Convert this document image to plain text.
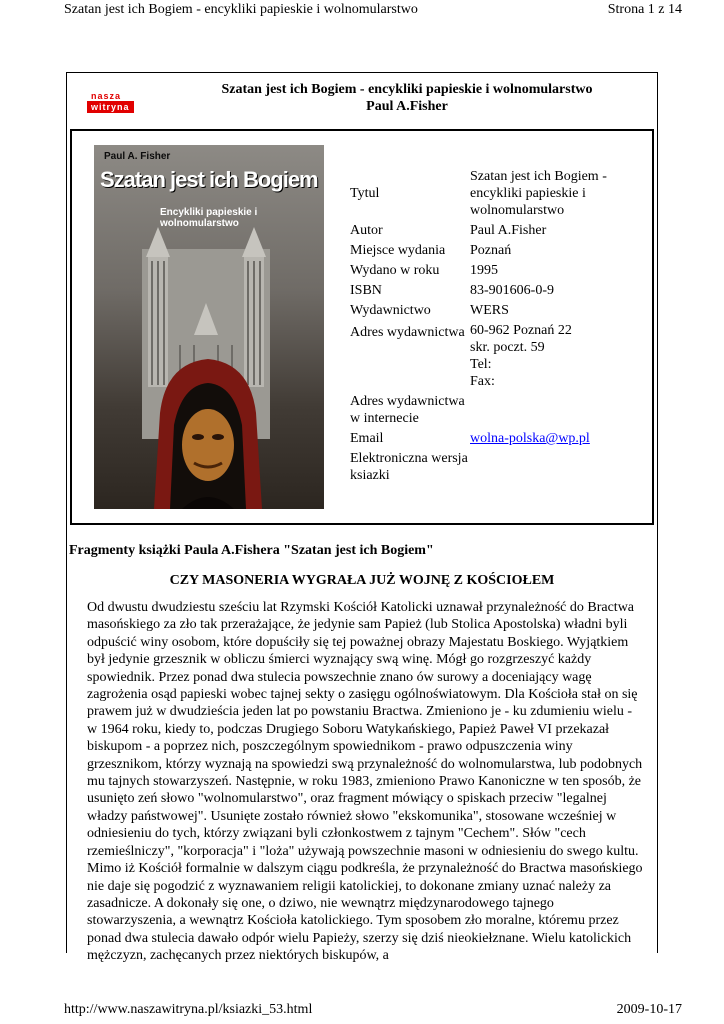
Szatan jest ich Bogiem - encykliki papieskie i wolnomularstwo	Strona 1 z 14
nasza
witryna
Szatan jest ich Bogiem - encykliki papieskie i wolnomularstwo
Paul A.Fisher
Paul A. Fisher
Szatan jest ich Bogiem
Encykliki papieskie i wolnomularstwo
Tytul	Szatan jest ich Bogiem - encykliki papieskie i wolnomularstwo
Autor	Paul A.Fisher
Miejsce wydania	Poznań
Wydano w roku	1995
ISBN	83-901606-0-9
Wydawnictwo	WERS
Adres wydawnictwa	60-962 Poznań 22
skr. poczt. 59
Tel:
Fax:

Adres wydawnictwa w internecie	
Email	wolna-polska@wp.pl
Elektroniczna wersja ksiazki	
Fragmenty książki Paula A.Fishera "Szatan jest ich Bogiem"
CZY MASONERIA WYGRAŁA JUŻ WOJNĘ Z KOŚCIOŁEM
Od dwustu dwudziestu sześciu lat Rzymski Kościół Katolicki uznawał przynależność do Bractwa masońskiego za zło tak przerażające, że jedynie sam Papież (lub Stolica Apostolska) władni byli odpuścić winy osobom, które dopuściły się tej poważnej obrazy Majestatu Boskiego. Wyjątkiem był jedynie grzesznik w obliczu śmierci wyznający swą winę. Mógł go rozgrzeszyć każdy spowiednik. Przez ponad dwa stulecia powszechnie znano ów surowy a doceniający wagę zagrożenia osąd papieski wobec tajnej sekty o zasięgu ogólnoświatowym. Dla Kościoła stał on się prawem już w dwudzieścia jeden lat po powstaniu Bractwa. Zmieniono je - ku zdumieniu wielu - w 1964 roku, kiedy to, podczas Drugiego Soboru Watykańskiego, Papież Paweł VI przekazał biskupom - a poprzez nich, poszczególnym spowiednikom - prawo odpuszczenia winy grzesznikom, którzy wyznają na spowiedzi swą przynależność do wolnomularstwa, lub podobnych mu tajnych stowarzyszeń. Następnie, w roku 1983, zmieniono Prawo Kanoniczne w ten sposób, że usunięto zeń słowo "wolnomularstwo", oraz fragment mówiący o spiskach przeciw "legalnej władzy państwowej". Usunięte zostało również słowo "ekskomunika", stosowane wcześniej w odniesieniu do tych, którzy związani byli członkostwem z tajnym "Cechem". Słów "cech rzemieślniczy", "korporacja" i "loża" używają powszechnie masoni w odniesieniu do swego kultu. Mimo iż Kościół formalnie w dalszym ciągu podkreśla, że przynależność do Bractwa masońskiego nie daje się pogodzić z wyznawaniem religii katolickiej, to dokonane zmiany uznać należy za zasadnicze. A dokonały się one, o dziwo, nie wewnątrz międzynarodowego tajnego stowarzyszenia, a wewnątrz Kościoła katolickiego. Tym sposobem zło moralne, któremu przez ponad dwa stulecia dawało odpór wielu Papieży, szerzy się dziś nieokiełznane. Wielu katolickich mężczyzn, zachęcanych przez niektórych biskupów, a
http://www.naszawitryna.pl/ksiazki_53.html	2009-10-17
